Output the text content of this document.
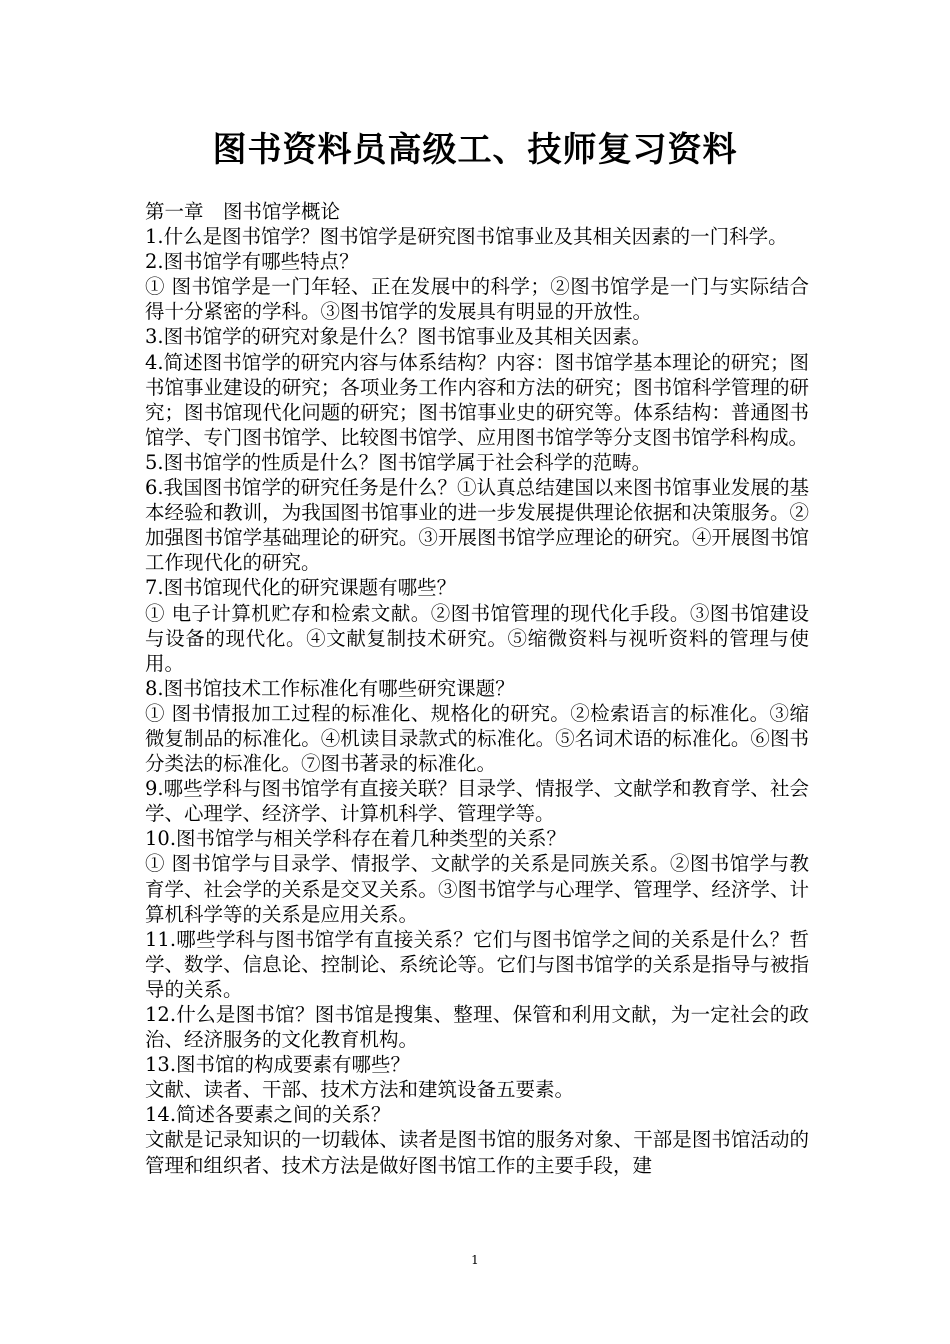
图书资料员高级工、技师复习资料

第一章　图书馆学概论

1.什么是图书馆学？图书馆学是研究图书馆事业及其相关因素的一门科学。

2.图书馆学有哪些特点？

① 图书馆学是一门年轻、正在发展中的科学；②图书馆学是一门与实际结合得十分紧密的学科。③图书馆学的发展具有明显的开放性。

3.图书馆学的研究对象是什么？图书馆事业及其相关因素。

4.简述图书馆学的研究内容与体系结构？内容：图书馆学基本理论的研究；图书馆事业建设的研究；各项业务工作内容和方法的研究；图书馆科学管理的研究；图书馆现代化问题的研究；图书馆事业史的研究等。体系结构：普通图书馆学、专门图书馆学、比较图书馆学、应用图书馆学等分支图书馆学科构成。

5.图书馆学的性质是什么？图书馆学属于社会科学的范畴。

6.我国图书馆学的研究任务是什么？①认真总结建国以来图书馆事业发展的基本经验和教训，为我国图书馆事业的进一步发展提供理论依据和决策服务。②加强图书馆学基础理论的研究。③开展图书馆学应理论的研究。④开展图书馆工作现代化的研究。

7.图书馆现代化的研究课题有哪些？

① 电子计算机贮存和检索文献。②图书馆管理的现代化手段。③图书馆建设与设备的现代化。④文献复制技术研究。⑤缩微资料与视听资料的管理与使用。

8.图书馆技术工作标准化有哪些研究课题？

① 图书情报加工过程的标准化、规格化的研究。②检索语言的标准化。③缩微复制品的标准化。④机读目录款式的标准化。⑤名词术语的标准化。⑥图书分类法的标准化。⑦图书著录的标准化。

9.哪些学科与图书馆学有直接关联？目录学、情报学、文献学和教育学、社会学、心理学、经济学、计算机科学、管理学等。

10.图书馆学与相关学科存在着几种类型的关系？

① 图书馆学与目录学、情报学、文献学的关系是同族关系。②图书馆学与教育学、社会学的关系是交叉关系。③图书馆学与心理学、管理学、经济学、计算机科学等的关系是应用关系。

11.哪些学科与图书馆学有直接关系？它们与图书馆学之间的关系是什么？哲学、数学、信息论、控制论、系统论等。它们与图书馆学的关系是指导与被指导的关系。

12.什么是图书馆？图书馆是搜集、整理、保管和利用文献，为一定社会的政治、经济服务的文化教育机构。

13.图书馆的构成要素有哪些？

文献、读者、干部、技术方法和建筑设备五要素。

14.简述各要素之间的关系？

文献是记录知识的一切载体、读者是图书馆的服务对象、干部是图书馆活动的管理和组织者、技术方法是做好图书馆工作的主要手段，建

1
